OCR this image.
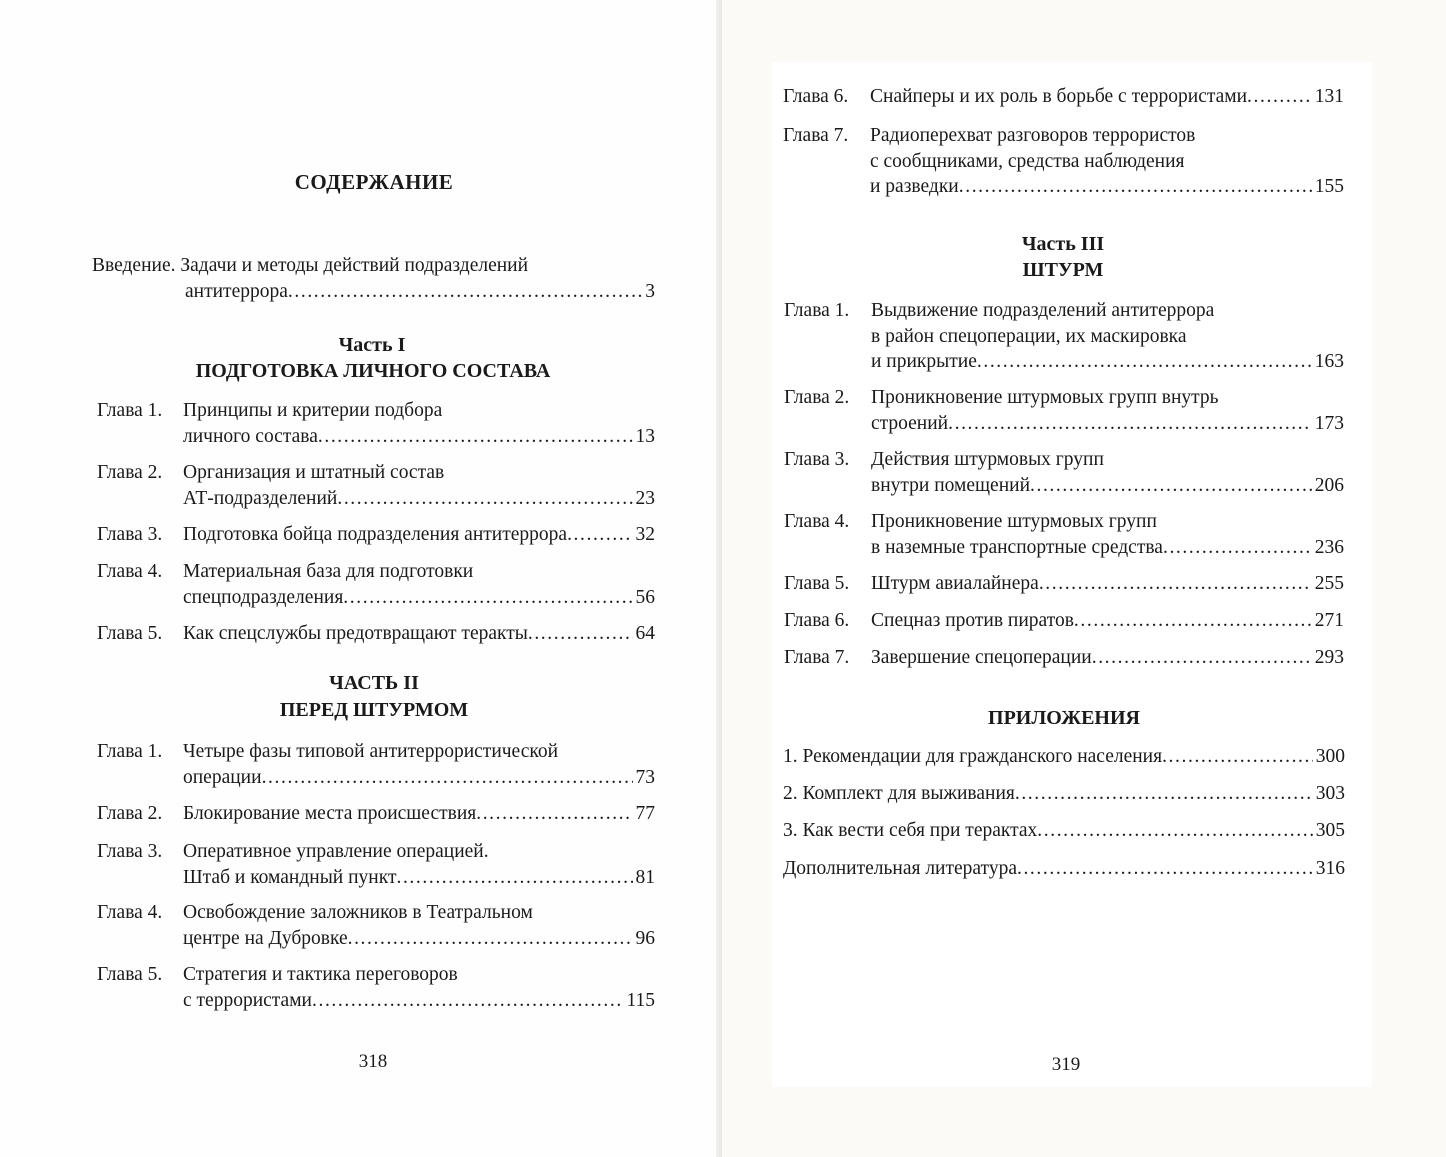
СОДЕРЖАНИЕ
Часть I
ПОДГОТОВКА ЛИЧНОГО СОСТАВА
ЧАСТЬ II
ПЕРЕД ШТУРМОМ
318
Введение. Задачи и методы действий подразделений
антитеррора .....	3
Глава 1.	Принципы и критерии подбора
личного состава .....	13
Глава 2.	Организация и штатный состав
АТ-подразделений .....	23
Глава 3.	Подготовка бойца подразделения антитеррора .....	32
Глава 4.	Материальная база для подготовки
спецподразделения .....	56
Глава 5.	Как спецслужбы предотвращают теракты .....	64
Глава 1.	Четыре фазы типовой антитеррористической
операции .....	73
Глава 2.	Блокирование места происшествия .....	77
Глава 3.	Оперативное управление операцией.
Штаб и командный пункт .....	81
Глава 4.	Освобождение заложников в Театральном
центре на Дубровке .....	96
Глава 5.	Стратегия и тактика переговоров
с террористами .....	115
Часть III
ШТУРМ
ПРИЛОЖЕНИЯ
319
Глава 6.	Снайперы и их роль в борьбе с террористами .....	131
Глава 7.	Радиоперехват разговоров террористов
с сообщниками, средства наблюдения
и разведки .....	155
Глава 1.	Выдвижение подразделений антитеррора
в район спецоперации, их маскировка
и прикрытие .....	163
Глава 2.	Проникновение штурмовых групп внутрь
строений .....	173
Глава 3.	Действия штурмовых групп
внутри помещений .....	206
Глава 4.	Проникновение штурмовых групп
в наземные транспортные средства .....	236
Глава 5.	Штурм авиалайнера .....	255
Глава 6.	Спецназ против пиратов .....	271
Глава 7.	Завершение спецоперации .....	293
1. Рекомендации для гражданского населения .....	300
2. Комплект для выживания .....	303
3. Как вести себя при терактах .....	305
Дополнительная литература .....	316
